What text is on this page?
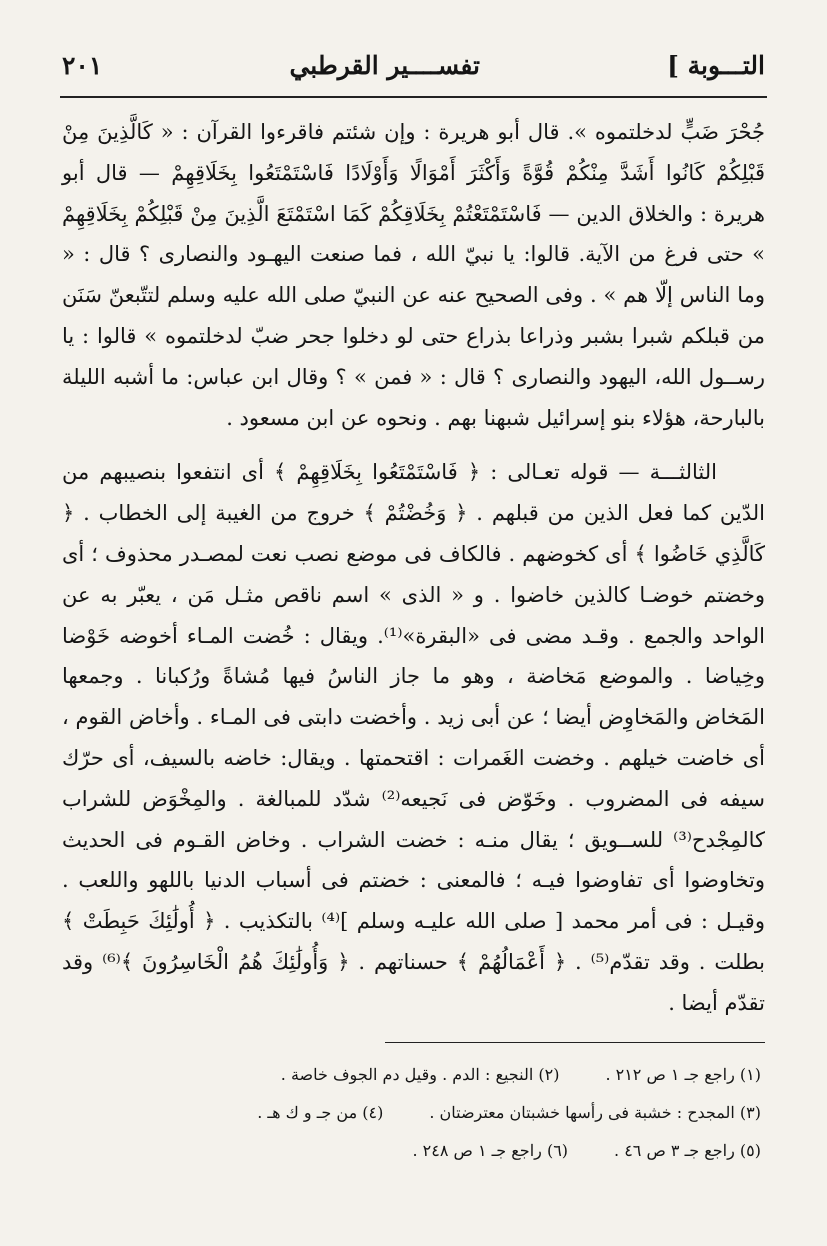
التـــوبة ]
تفســــير القرطبي
٢٠١

جُحْرَ ضَبٍّ لدخلتموه ». قال أبو هريرة : وإن شئتم فاقرءوا القرآن : « كَالَّذِينَ مِنْ قَبْلِكُمْ كَانُوا أَشَدَّ مِنْكُمْ قُوَّةً وَأَكْثَرَ أَمْوَالًا وَأَوْلَادًا فَاسْتَمْتَعُوا بِخَلَاقِهِمْ — قال أبو هريرة : والخلاق الدين — فَاسْتَمْتَعْتُمْ بِخَلَاقِكُمْ كَمَا اسْتَمْتَعَ الَّذِينَ مِنْ قَبْلِكُمْ بِخَلَاقِهِمْ » حتى فرغ من الآية. قالوا: يا نبيّ الله ، فما صنعت اليهـود والنصارى ؟ قال : « وما الناس إلّا هم » . وفى الصحيح عنه عن النبيّ صلى الله عليه وسلم لتتّبعنّ سَنَن من قبلكم شبرا بشبر وذراعا بذراع حتى لو دخلوا جحر ضبّ لدخلتموه » قالوا : يا رســول الله، اليهود والنصارى ؟ قال : « فمن » ؟ وقال ابن عباس: ما أشبه الليلة بالبارحة، هؤلاء بنو إسرائيل شبهنا بهم . ونحوه عن ابن مسعود .

الثالثـــة — قوله تعـالى : ﴿ فَاسْتَمْتَعُوا بِخَلَاقِهِمْ ﴾ أى انتفعوا بنصيبهم من الدّين كما فعل الذين من قبلهم . ﴿ وَخُضْتُمْ ﴾ خروج من الغيبة إلى الخطاب . ﴿ كَالَّذِي خَاضُوا ﴾ أى كخوضهم . فالكاف فى موضع نصب نعت لمصـدر محذوف ؛ أى وخضتم خوضـا كالذين خاضوا . و « الذى » اسم ناقص مثـل مَن ، يعبّر به عن الواحد والجمع . وقـد مضى فى «البقرة»⁽¹⁾. ويقال : خُضت المـاء أخوضه خَوْضا وخِياضا . والموضع مَخاضة ، وهو ما جاز الناسُ فيها مُشاةً ورُكبانا . وجمعها المَخاض والمَخاوِض أيضا ؛ عن أبى زيد . وأخضت دابتى فى المـاء . وأخاض القوم ، أى خاضت خيلهم . وخضت الغَمرات : اقتحمتها . ويقال: خاضه بالسيف، أى حرّك سيفه فى المضروب . وخَوّض فى نَجيعه⁽²⁾ شدّد للمبالغة . والمِخْوَض للشراب كالمِجْدح⁽³⁾ للســويق ؛ يقال منـه : خضت الشراب . وخاض القـوم فى الحديث وتخاوضوا أى تفاوضوا فيـه ؛ فالمعنى : خضتم فى أسباب الدنيا باللهو واللعب . وقيـل : فى أمر محمد [ صلى الله عليـه وسلم ]⁽⁴⁾ بالتكذيب . ﴿ أُولَٰئِكَ حَبِطَتْ ﴾ بطلت . وقد تقدّم⁽⁵⁾ . ﴿ أَعْمَالُهُمْ ﴾ حسناتهم . ﴿ وَأُولَٰئِكَ هُمُ الْخَاسِرُونَ ﴾⁽⁶⁾ وقد تقدّم أيضا .

(١) راجع جـ ١ ص ٢١٢ .
(٢) النجيع : الدم . وقيل دم الجوف خاصة .
(٣) المجدح : خشبة فى رأسها خشبتان معترضتان .
(٤) من جـ و ك هـ .
(٥) راجع جـ ٣ ص ٤٦ .
(٦) راجع جـ ١ ص ٢٤٨ .
